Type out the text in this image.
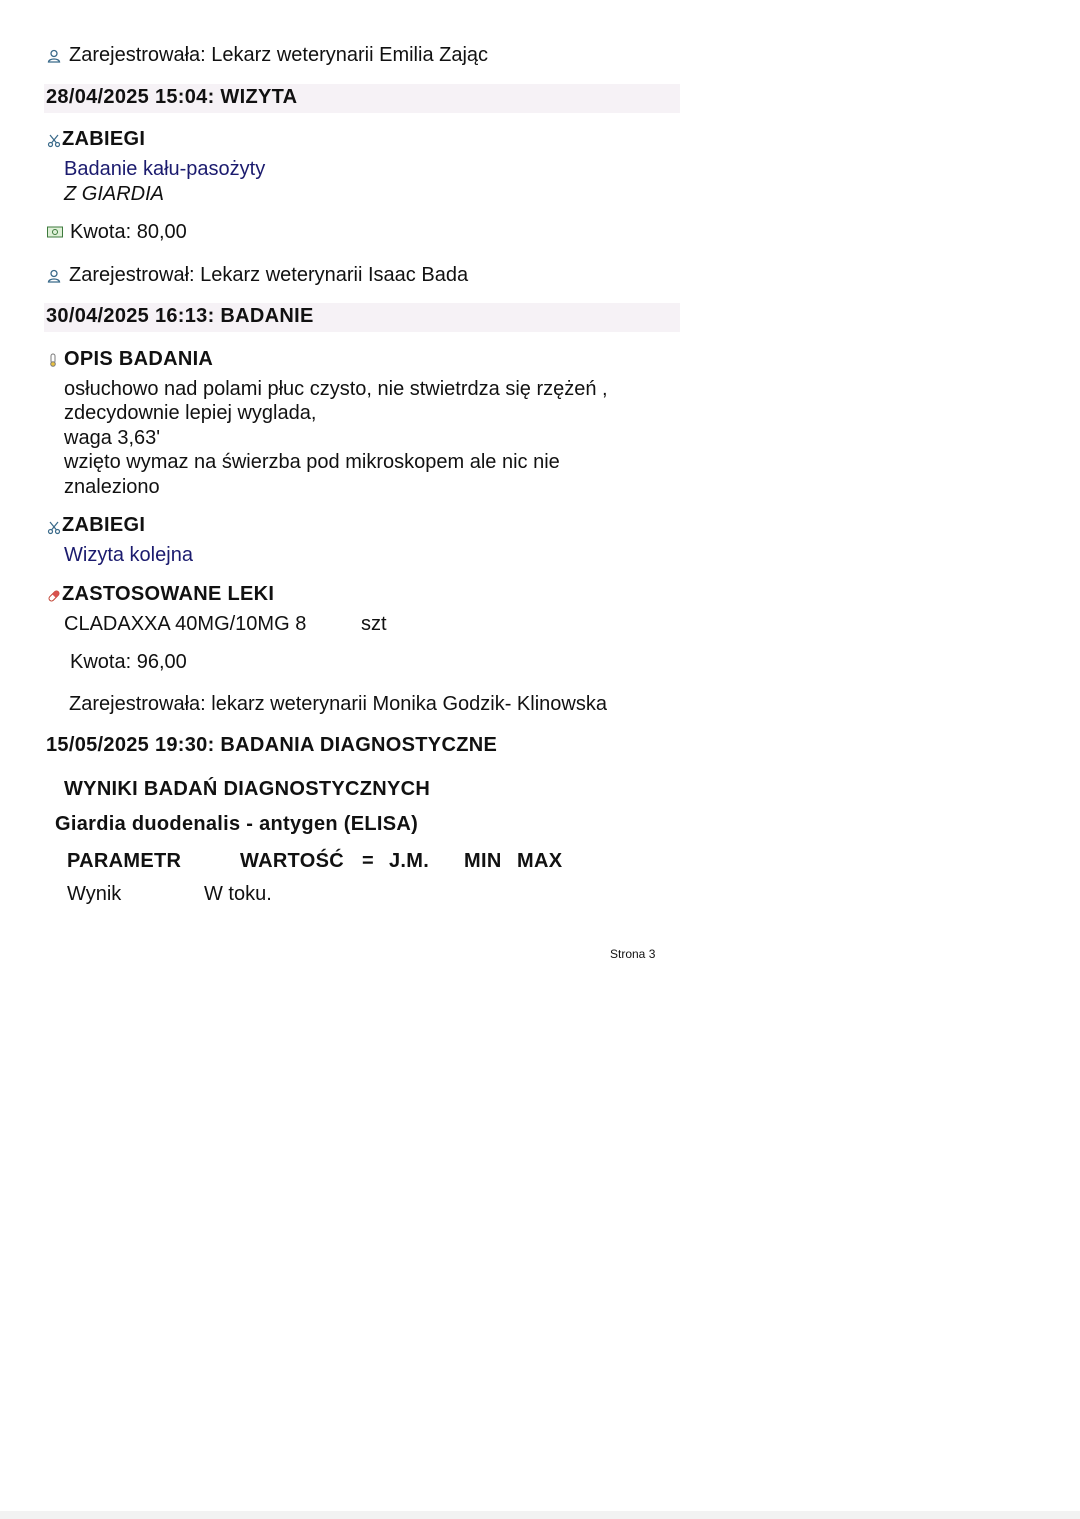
Zarejestrowała: Lekarz weterynarii Emilia Zając
28/04/2025 15:04: WIZYTA
ZABIEGI
Badanie kału-pasożyty
Z GIARDIA
Kwota: 80,00
Zarejestrował: Lekarz weterynarii Isaac Bada
30/04/2025 16:13: BADANIE
OPIS BADANIA
osłuchowo nad polami płuc czysto, nie stwietrdza się rzężeń ,
zdecydownie lepiej wyglada,
waga 3,63'
wzięto wymaz na świerzba pod mikroskopem ale nic nie
znaleziono
ZABIEGI
Wizyta kolejna
ZASTOSOWANE LEKI
CLADAXXA 40MG/10MG 8	szt
Kwota: 96,00
Zarejestrowała: lekarz weterynarii Monika Godzik- Klinowska
15/05/2025 19:30: BADANIA DIAGNOSTYCZNE
WYNIKI BADAŃ DIAGNOSTYCZNYCH
Giardia duodenalis - antygen (ELISA)
PARAMETR	WARTOŚĆ = J.M. MIN MAX
Wynik	W toku.
Strona 3
